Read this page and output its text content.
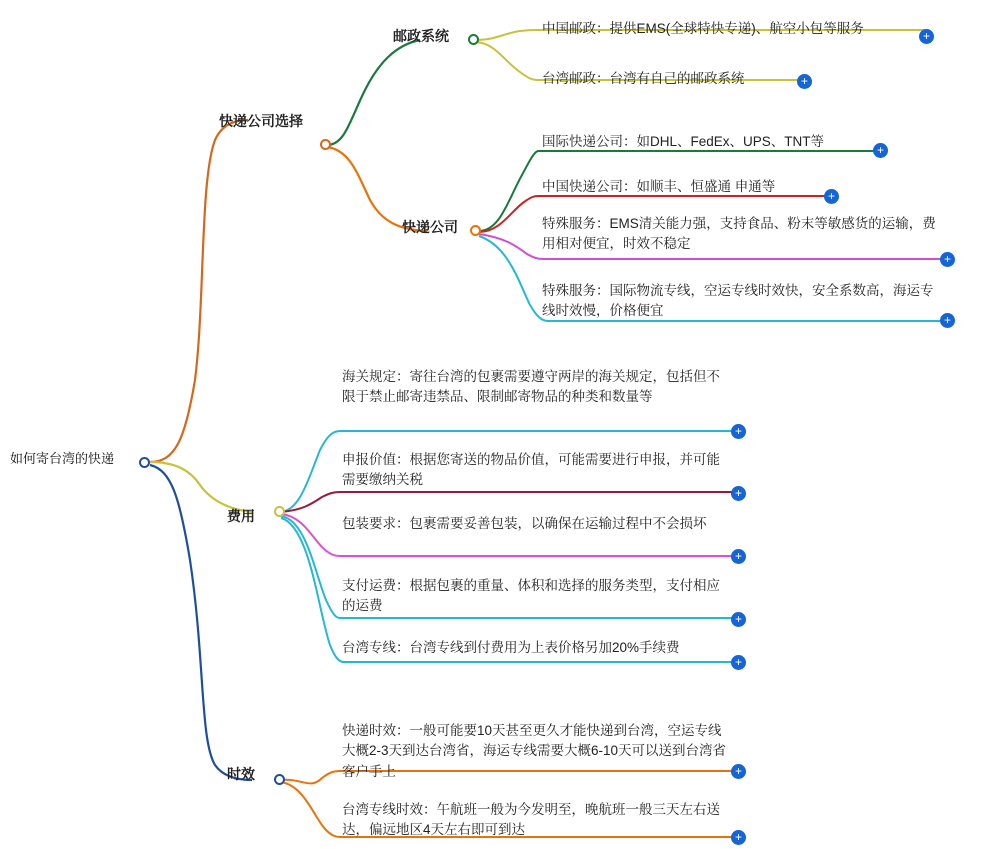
如何寄台湾的快递
快递公司选择
邮政系统	中国邮政：提供EMS(全球特快专递)、航空小包等服务	+
台湾邮政：台湾有自己的邮政系统	+
快递公司
国际快递公司：如DHL、FedEx、UPS、TNT等
+
中国快递公司：如顺丰、恒盛通 申通等
+
特殊服务：EMS清关能力强，支持食品、粉末等敏感货的运输，费用相对便宜，时效不稳定
+
特殊服务：国际物流专线，空运专线时效快，安全系数高，海运专线时效慢，价格便宜
+
费用
海关规定：寄往台湾的包裹需要遵守两岸的海关规定，包括但不限于禁止邮寄违禁品、限制邮寄物品的种类和数量等
+
申报价值：根据您寄送的物品价值，可能需要进行申报，并可能需要缴纳关税
+
包装要求：包裹需要妥善包装，以确保在运输过程中不会损坏
+
支付运费：根据包裹的重量、体积和选择的服务类型，支付相应的运费
+
台湾专线：台湾专线到付费用为上表价格另加20%手续费
+
时效
快递时效：一般可能要10天甚至更久才能快递到台湾，空运专线大概2-3天到达台湾省，海运专线需要大概6-10天可以送到台湾省客户手上	+
台湾专线时效：午航班一般为今发明至，晚航班一般三天左右送达，偏远地区4天左右即可到达	+
